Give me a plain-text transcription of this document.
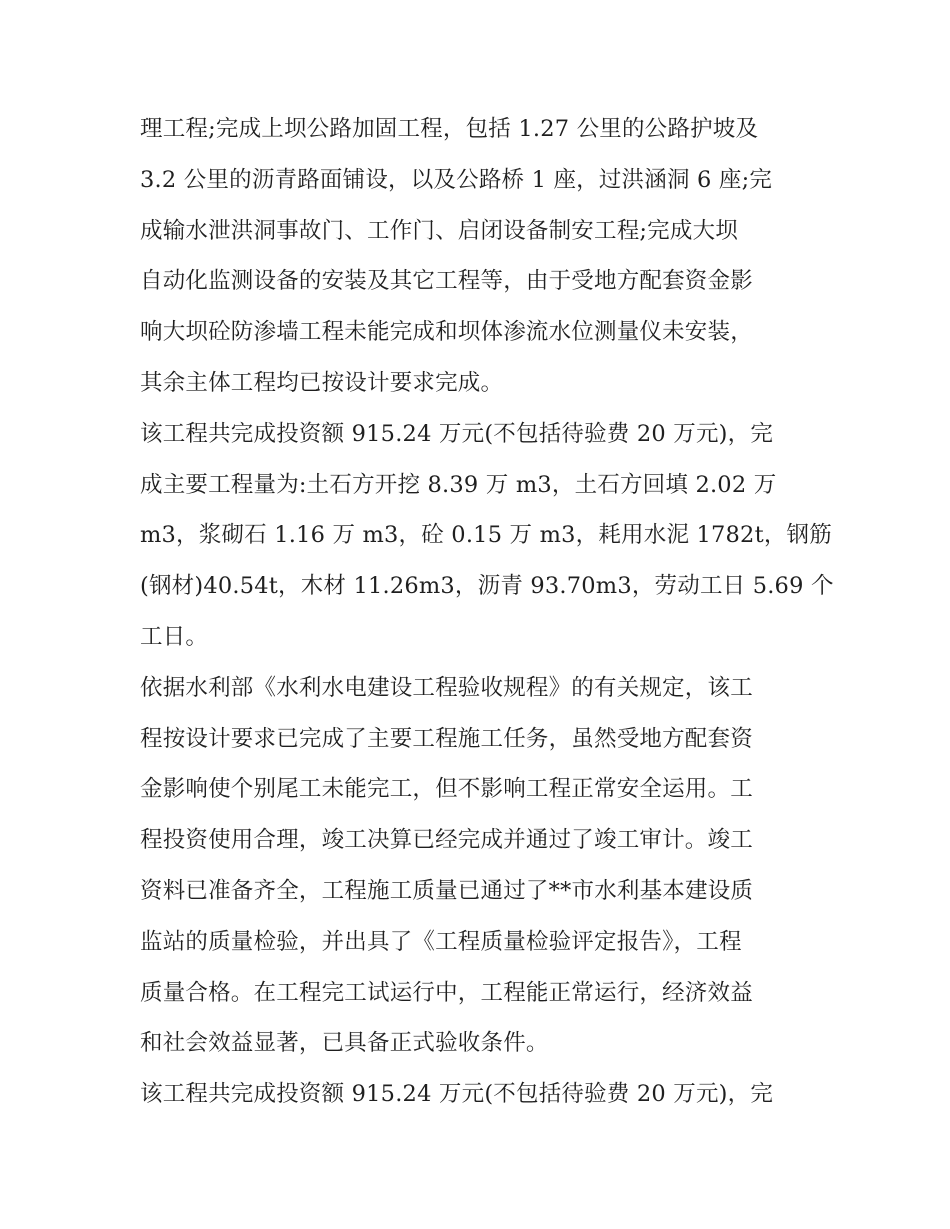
理工程;完成上坝公路加固工程，包括 1.27 公里的公路护坡及
3.2 公里的沥青路面铺设，以及公路桥 1 座，过洪涵洞 6 座;完
成输水泄洪洞事故门、工作门、启闭设备制安工程;完成大坝
自动化监测设备的安装及其它工程等，由于受地方配套资金影
响大坝砼防渗墙工程未能完成和坝体渗流水位测量仪未安装，
其余主体工程均已按设计要求完成。

该工程共完成投资额 915.24 万元(不包括待验费 20 万元)，完
成主要工程量为:土石方开挖 8.39 万 m3，土石方回填 2.02 万
m3，浆砌石 1.16 万 m3，砼 0.15 万 m3，耗用水泥 1782t，钢筋
(钢材)40.54t，木材 11.26m3，沥青 93.70m3，劳动工日 5.69 个
工日。

依据水利部《水利水电建设工程验收规程》的有关规定，该工
程按设计要求已完成了主要工程施工任务，虽然受地方配套资
金影响使个别尾工未能完工，但不影响工程正常安全运用。工
程投资使用合理，竣工决算已经完成并通过了竣工审计。竣工
资料已准备齐全，工程施工质量已通过了**市水利基本建设质
监站的质量检验，并出具了《工程质量检验评定报告》，工程
质量合格。在工程完工试运行中，工程能正常运行，经济效益
和社会效益显著，已具备正式验收条件。

该工程共完成投资额 915.24 万元(不包括待验费 20 万元)，完
